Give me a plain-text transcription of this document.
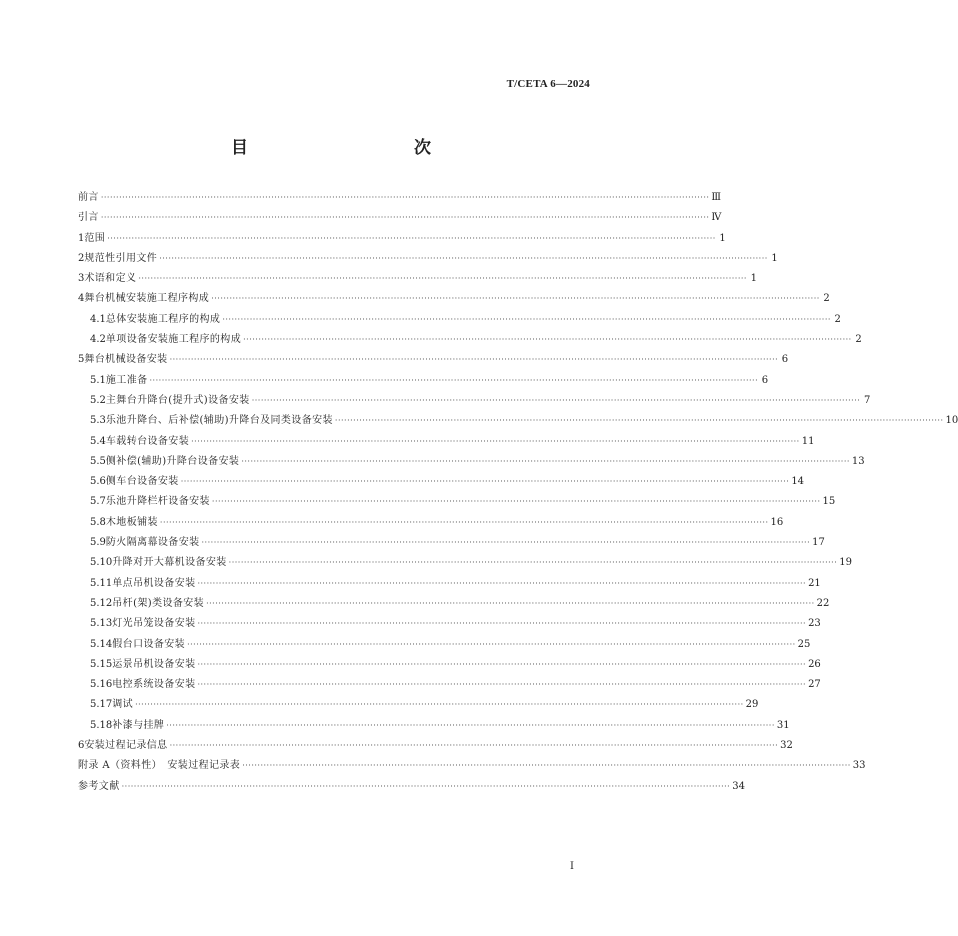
T/CETA 6—2024
目　　次
前言 ········································································································································································································ Ⅲ
引言 ········································································································································································································ Ⅳ
1 范围 ········································································································································································································ 1
2 规范性引用文件 ········································································································································································································ 1
3 术语和定义 ········································································································································································································ 1
4 舞台机械安装施工程序构成 ········································································································································································································ 2
4.1 总体安装施工程序的构成 ········································································································································································································ 2
4.2 单项设备安装施工程序的构成 ········································································································································································································ 2
5 舞台机械设备安装 ········································································································································································································ 6
5.1 施工准备 ········································································································································································································ 6
5.2 主舞台升降台(提升式)设备安装 ········································································································································································································ 7
5.3 乐池升降台、后补偿(辅助)升降台及同类设备安装 ········································································································································································································ 10
5.4 车载转台设备安装 ········································································································································································································ 11
5.5 侧补偿(辅助)升降台设备安装 ········································································································································································································ 13
5.6 侧车台设备安装 ········································································································································································································ 14
5.7 乐池升降栏杆设备安装 ········································································································································································································ 15
5.8 木地板铺装 ········································································································································································································ 16
5.9 防火隔离幕设备安装 ········································································································································································································ 17
5.10 升降对开大幕机设备安装 ········································································································································································································ 19
5.11 单点吊机设备安装 ········································································································································································································ 21
5.12 吊杆(架)类设备安装 ········································································································································································································ 22
5.13 灯光吊笼设备安装 ········································································································································································································ 23
5.14 假台口设备安装 ········································································································································································································ 25
5.15 运景吊机设备安装 ········································································································································································································ 26
5.16 电控系统设备安装 ········································································································································································································ 27
5.17 调试 ········································································································································································································ 29
5.18 补漆与挂牌 ········································································································································································································ 31
6 安装过程记录信息 ········································································································································································································ 32
附录 A（资料性）　安装过程记录表 ········································································································································································································ 33
参考文献 ········································································································································································································ 34
Ⅰ
